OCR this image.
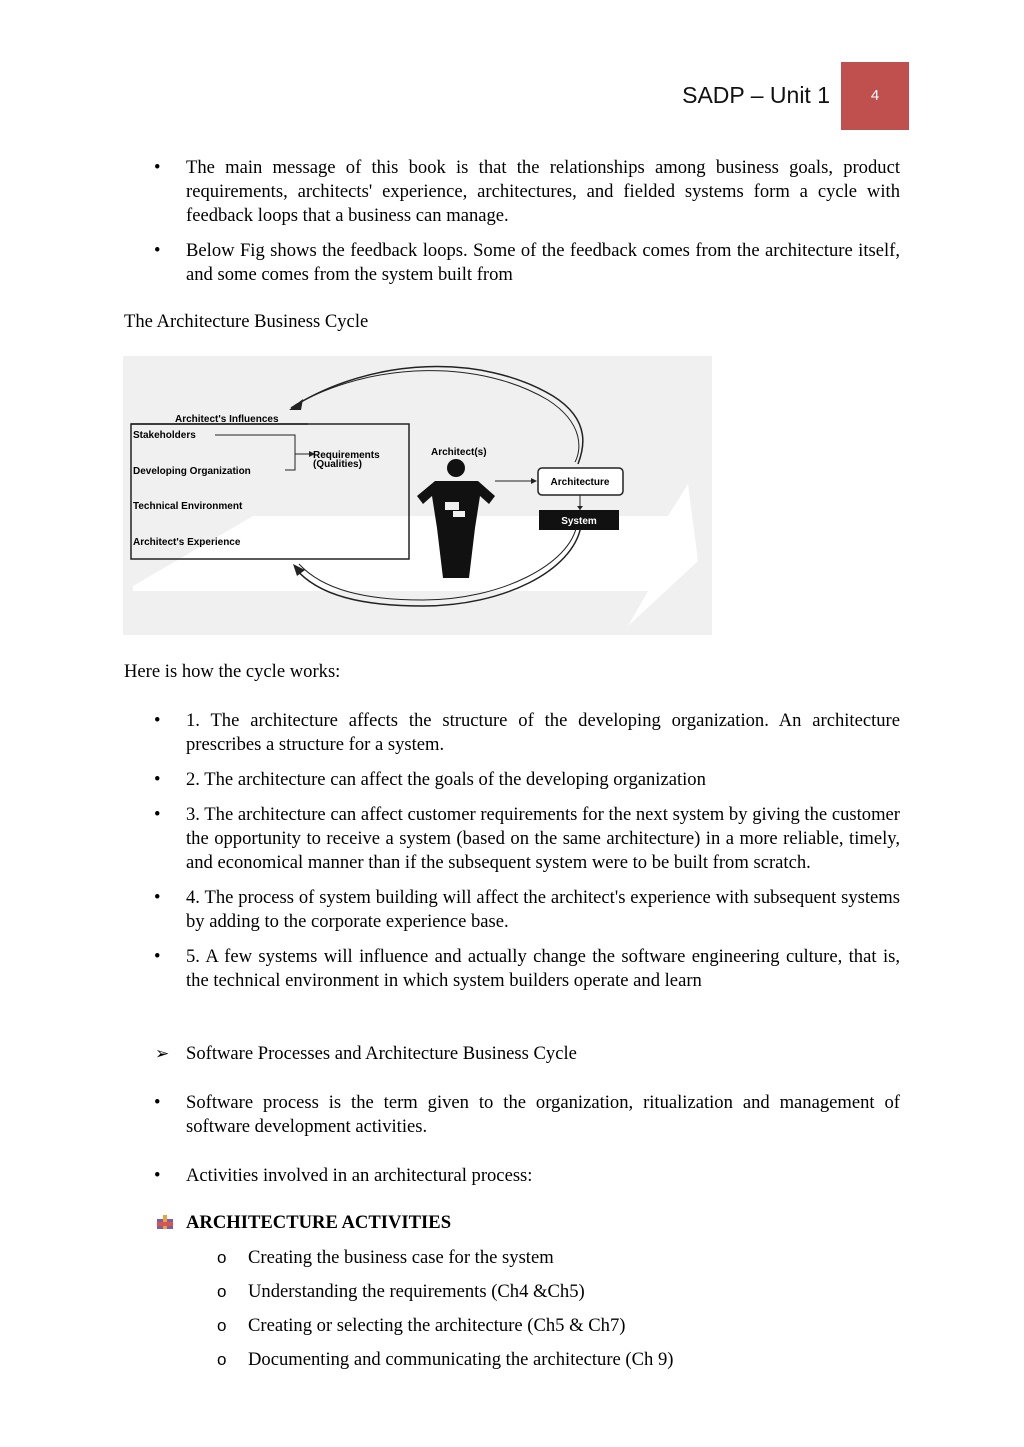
SADP – Unit 1	4
• The main message of this book is that the relationships among business goals, product requirements, architects' experience, architectures, and fielded systems form a cycle with feedback loops that a business can manage.
• Below Fig shows the feedback loops. Some of the feedback comes from the architecture itself, and some comes from the system built from

The Architecture Business Cycle

Here is how the cycle works:

• 1. The architecture affects the structure of the developing organization. An architecture prescribes a structure for a system.
• 2. The architecture can affect the goals of the developing organization
• 3. The architecture can affect customer requirements for the next system by giving the customer the opportunity to receive a system (based on the same architecture) in a more reliable, timely, and economical manner than if the subsequent system were to be built from scratch.
• 4. The process of system building will affect the architect's experience with subsequent systems by adding to the corporate experience base.
• 5. A few systems will influence and actually change the software engineering culture, that is, the technical environment in which system builders operate and learn
➢ Software Processes and Architecture Business Cycle
• Software process is the term given to the organization, ritualization and management of software development activities.
• Activities involved in an architectural process:
ARCHITECTURE ACTIVITIES
o Creating the business case for the system
o Understanding the requirements (Ch4 &Ch5)
o Creating or selecting the architecture (Ch5 & Ch7)
o Documenting and communicating the architecture (Ch 9)
Architect's Influences
Stakeholders
Developing Organization
Technical Environment
Architect's Experience
Requirements
(Qualities)
Architect(s)
Architecture
System
